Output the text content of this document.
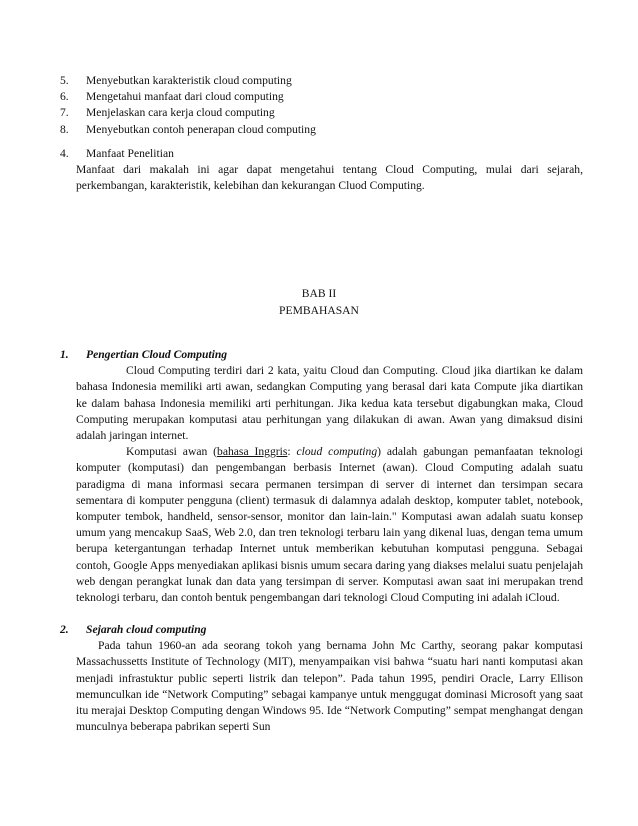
5.	Menyebutkan karakteristik cloud computing
6.	Mengetahui manfaat dari cloud computing
7.	Menjelaskan cara kerja cloud computing
8.	Menyebutkan contoh penerapan cloud computing
4.	Manfaat Penelitian
Manfaat dari makalah ini agar dapat mengetahui tentang Cloud Computing, mulai dari sejarah, perkembangan, karakteristik, kelebihan dan kekurangan Cluod Computing.
BAB II
PEMBAHASAN
1.	Pengertian Cloud Computing

Cloud Computing terdiri dari 2 kata, yaitu Cloud dan Computing. Cloud jika diartikan ke dalam bahasa Indonesia memiliki arti awan, sedangkan Computing yang berasal dari kata Compute jika diartikan ke dalam bahasa Indonesia memiliki arti perhitungan. Jika kedua kata tersebut digabungkan maka, Cloud Computing merupakan komputasi atau perhitungan yang dilakukan di awan. Awan yang dimaksud disini adalah jaringan internet.

Komputasi awan (bahasa Inggris: cloud computing) adalah gabungan pemanfaatan teknologi komputer (komputasi) dan pengembangan berbasis Internet (awan). Cloud Computing adalah suatu paradigma di mana informasi secara permanen tersimpan di server di internet dan tersimpan secara sementara di komputer pengguna (client) termasuk di dalamnya adalah desktop, komputer tablet, notebook, komputer tembok, handheld, sensor-sensor, monitor dan lain-lain." Komputasi awan adalah suatu konsep umum yang mencakup SaaS, Web 2.0, dan tren teknologi terbaru lain yang dikenal luas, dengan tema umum berupa ketergantungan terhadap Internet untuk memberikan kebutuhan komputasi pengguna. Sebagai contoh, Google Apps menyediakan aplikasi bisnis umum secara daring yang diakses melalui suatu penjelajah web dengan perangkat lunak dan data yang tersimpan di server. Komputasi awan saat ini merupakan trend teknologi terbaru, dan contoh bentuk pengembangan dari teknologi Cloud Computing ini adalah iCloud.

2.	Sejarah cloud computing

Pada tahun 1960-an ada seorang tokoh yang bernama John Mc Carthy, seorang pakar komputasi Massachussetts Institute of Technology (MIT), menyampaikan visi bahwa “suatu hari nanti komputasi akan menjadi infrastuktur public seperti listrik dan telepon”. Pada tahun 1995, pendiri Oracle, Larry Ellison memunculkan ide “Network Computing” sebagai kampanye untuk menggugat dominasi Microsoft yang saat itu merajai Desktop Computing dengan Windows 95. Ide “Network Computing” sempat menghangat dengan munculnya beberapa pabrikan seperti Sun
